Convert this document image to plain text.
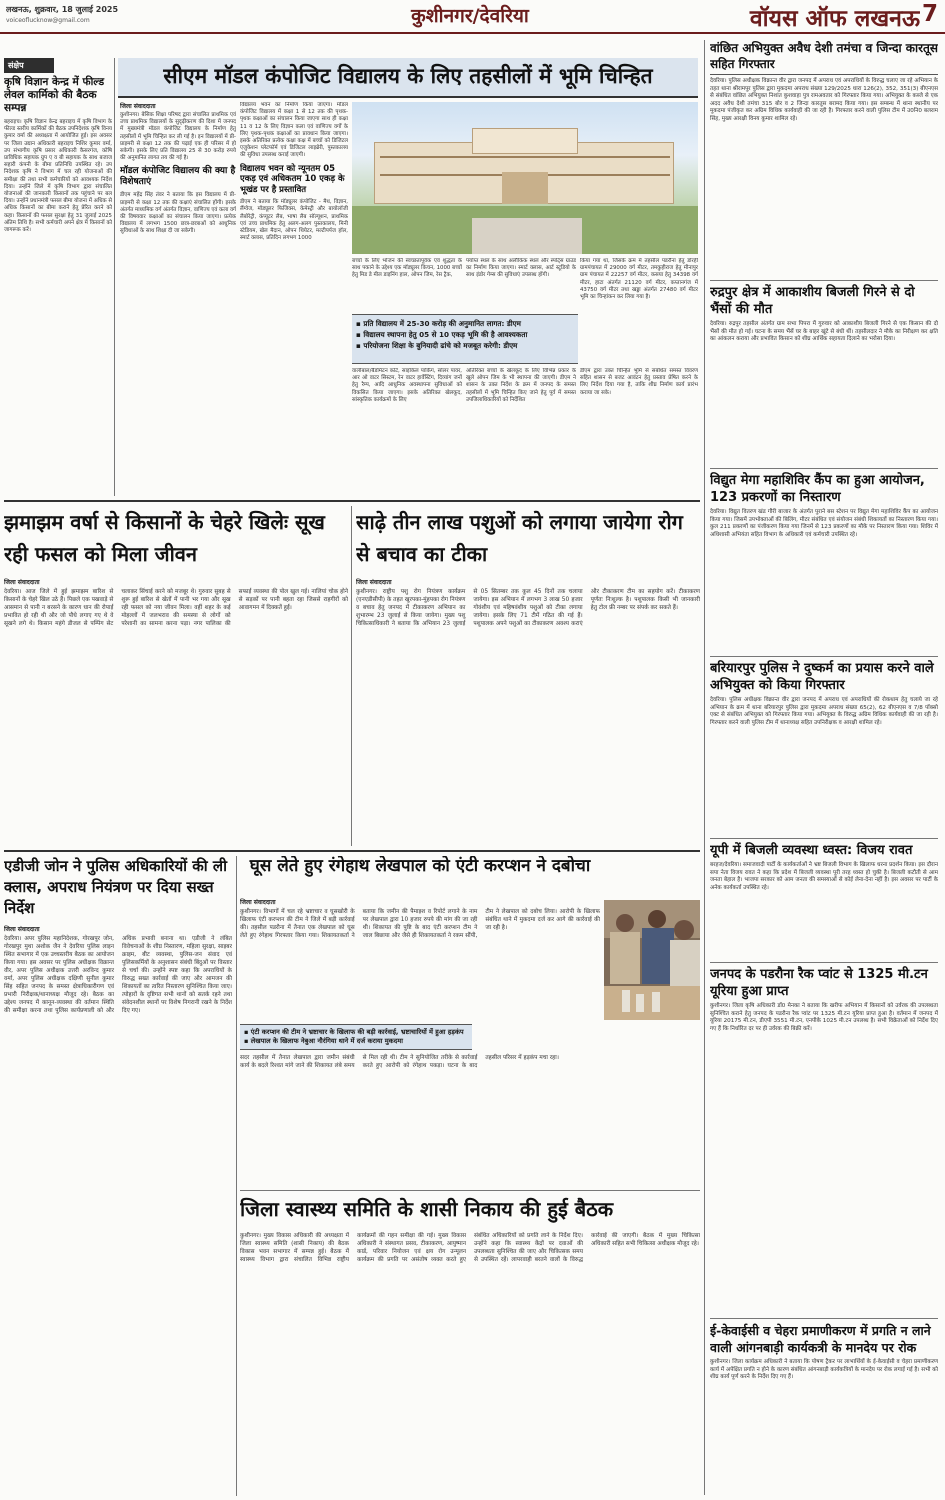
लखनऊ, शुक्रवार, 18 जुलाई 2025
voiceoflucknow@gmail.com	कुशीनगर/देवरिया	वॉयस ऑफ लखनऊ 7
संक्षेप
कृषि विज्ञान केन्द्र में फील्ड लेवल कार्मिको की बैठक सम्पन्न
बहराइच। कृषि विज्ञान केन्द्र बहराइच में कृषि विभाग के फील्ड स्तरीय कार्मिकों की बैठक उपनिदेशक कृषि विनय कुमार वर्मा की अध्यक्षता में आयोजित हुई। इस अवसर पर जिला उद्यान अधिकारी बहराइच निशिर कुमार वर्मा, उप संभागीय कृषि प्रसार अधिकारी कैसरगंज, कोषि प्राविधिक सहायक ग्रुप ए व बी सहायक के साथ बजाज सहारी कंपनी के बीमा प्रतिनिधि उपस्थित रहे। उप निदेशक कृषि ने विभाग में चल रही योजनाओं की समीक्षा की तथा सभी कर्मचारियों को आवश्यक निर्देश दिया। उन्होंने जिले में कृषि विभाग द्वारा संचालित योजनाओं की जानकारी किसानों तक पहुंचाने पर बल दिया। उन्होंने प्रधानमंत्री फसल बीमा योजना में अधिक से अधिक किसानों का बीमा कराने हेतु प्रेरित करने को कहा। किसानों की फसल सुरक्षा हेतु 31 जुलाई 2025 अंतिम तिथि है। सभी कर्मचारी अपने क्षेत्र में किसानों को जागरूक करें।
सीएम मॉडल कंपोजिट विद्यालय के लिए तहसीलों में भूमि चिन्हित
जिला संवाददाता
कुशीनगर। बेसिक शिक्षा परिषद द्वारा संचालित प्राथमिक एवं उच्च प्राथमिक विद्यालयों के सुदृढ़ीकरण की दिशा में जनपद में मुख्यमंत्री मॉडल कंपोजिट विद्यालय के निर्माण हेतु तहसीलों में भूमि चिन्हित कर ली गई है। इन विद्यालयों में प्री-प्राइमरी से कक्षा 12 तक की पढ़ाई एक ही परिसर में हो सकेगी। इसके लिए प्रति विद्यालय 25 से 30 करोड़ रुपये की अनुमानित लागत तय की गई है।
मॉडल कंपोजिट विद्यालय की क्या है विशेषताएं
डीएम महेंद्र सिंह तंवर ने बताया कि इस विद्यालय में प्री-प्राइमरी से कक्षा 12 तक की कक्षाएं संचालित होंगी। इसके अंतर्गत माध्यमिक वर्ग अंतर्गत विज्ञान, वाणिज्य एवं कला वर्ग की विषयवार कक्षाओं का संचालन किया जाएगा। प्रत्येक विद्यालय में लगभग 1500 छात्र-छात्राओं को आधुनिक सुविधाओं के साथ शिक्षा दी जा सकेगी।
विद्यालय भवन का निर्माण किया जाएगा। मॉडल कंपोजिट विद्यालय में कक्षा 1 से 12 तक की पृथक-पृथक कक्षाओं का संचालन किया जाएगा साथ ही कक्षा 11 व 12 के लिए विज्ञान कला एवं वाणिज्य वर्गों के लिए पृथक-पृथक कक्षाओं का प्रावधान किया जाएगा। इसके अतिरिक्त प्रत्येक कक्षा कक्ष में बच्चों को डिजिटल एजुकेशन प्लेटफॉर्म एवं डिजिटल लाइब्रेरी, पुस्तकालय की सुविधा उपलब्ध कराई जाएगी।
विद्यालय भवन को न्यूनतम 05 एकड़ एवं अधिकतम 10 एकड़ के भूखंड पर है प्रस्तावित
डीएम ने बताया कि मॉड्यूलर कंपोजिट - मैथ, विज्ञान, लैंग्वेज, मॉड्यूलर फिजिक्स, केमेस्ट्री और बायोलॉजी लैबोरेट्री, कंप्यूटर लैब, भाषा लैब सॉल्यूशन, प्राथमिक एवं उच्च प्राथमिक हेतु अलग-अलग पुस्तकालय, मिनी स्टेडियम, खेल मैदान, ओपन थियेटर, मल्टीपर्पज हॉल, स्मार्ट क्लास, प्रतिदिन लगभग 1000
बच्चों के लिए भोजन की स्वच्छतापूर्वक एवं शुद्धता के साथ पकाने के उद्देश्य एक मॉड्यूलर किचन, 1000 बच्चों हेतु मिड डे मील डाइनिंग हाल, ओपन जिम, रेस ट्रैक,
पर्याप्त स्थल के साथ अलौकिक स्थल और स्पोर्ट्स ग्राउंड का निर्माण किया जाएगा। स्मार्ट क्लास, आर्ट स्टूडियो के साथ इंडोर गेम्स की सुविधाएं उपलब्ध होंगी।
किया गया था, जिसके क्रम में तहसील पडरौना हेतु डोरही ग्रामपंचायत में 29000 वर्ग मीटर, तमकुहीराज हेतु मीनापुर ग्राम पंचायत में 22257 वर्ग मीटर, कसया हेतु 34398 वर्ग मीटर, हाटा अंतर्गत 21120 वर्ग मीटर, कप्तानगंज में 43750 वर्ग मीटर तथा खड्डा अंतर्गत 27480 वर्ग मीटर भूमि का चिन्हांकन कर लिया गया है।
▪ प्रति विद्यालय में 25-30 करोड़ की अनुमानित लागत: डीएम
▪ विद्यालय स्थापना हेतु 05 से 10 एकड़ भूमि की है आवश्यकता
▪ परियोजना शिक्षा के बुनियादी ढांचे को मजबूत करेगी: डीएम
वालीबाल/बैडमिंटन कोर्ट, साइकिल पार्किंग, सोलर पावर, आर ओ वाटर सिस्टम, रेन वाटर हार्वेस्टिंग, दिव्यांग जनों हेतु रैम्प, आदि आधुनिक अवस्थापना सुविधाओं को विकसित किया जाएगा। इसके अतिरिक्त खेलकूद, सांस्कृतिक कार्यक्रमों के लिए
अतिरिक्त बच्चों के खेलकूद के लिए विभिन्न प्रकार के खुले ओपन जिम के भी स्थापना की जाएगी। डीएम ने शासन के उक्त निर्देश के क्रम में जनपद के समस्त तहसीलों में भूमि चिन्हित किए जाने हेतु पूर्व में समस्त उपजिलाधिकारियों को निर्देशित
डीएम द्वारा उक्त चिन्हित भूमि से संबंधित समस्त विवरण सहित शासन से बजट आवंटन हेतु प्रस्ताव प्रेषित करने के लिए निर्देश दिया गया है, ताकि शीघ्र निर्माण कार्य प्रारंभ कराया जा सके।
वांछित अभियुक्त अवैध देशी तमंचा व जिन्दा कारतूस सहित गिरफ्तार
देवरिया। पुलिस अधीक्षक विक्रान्त वीर द्वारा जनपद में अपराध एवं अपराधियों के विरुद्ध चलाए जा रहे अभियान के तहत थाना श्रीरामपुर पुलिस द्वारा मुकदमा अपराध संख्या 129/2025 धारा 126(2), 352, 351(3) बीएनएस से संबंधित वांछित अभियुक्त निशांत कुशवाहा पुत्र रामअवतार को गिरफ्तार किया गया। अभियुक्त के कब्जे से एक अदद अवैध देशी तमंचा 315 बोर व 2 जिन्दा कारतूस बरामद किया गया। इस सम्बन्ध में थाना स्थानीय पर मुकदमा पंजीकृत कर अग्रिम विधिक कार्यवाही की जा रही है। गिरफ्तार करने वाली पुलिस टीम में उ0नि0 बलराम सिंह, मुख्य आरक्षी विनय कुमार शामिल रहे।
रुद्रपुर क्षेत्र में आकाशीय बिजली गिरने से दो भैंसों की मौत
देवरिया। रुद्रपुर तहसील अंतर्गत ग्राम सभा पिपरा में गुरुवार को आकाशीय बिजली गिरने से एक किसान की दो भैंसों की मौत हो गई। घटना के समय भैंसें घर के बाहर खूंटे से बंधी थीं। तहसीलदार ने मौके का निरीक्षण कर क्षति का आंकलन कराया और प्रभावित किसान को शीघ्र आर्थिक सहायता दिलाने का भरोसा दिया।
विद्युत मेगा महाशिविर कैंप का हुआ आयोजन, 123 प्रकरणों का निस्तारण
देवरिया। विद्युत वितरण खंड गौरी बाजार के अंतर्गत पुराने बस स्टेशन पर विद्युत मेगा महाशिविर कैंप का आयोजन किया गया। जिसमें उपभोक्ताओं की बिलिंग, मीटर संबंधित एवं संयोजन संबंधी शिकायतों का निस्तारण किया गया। कुल 211 प्रकरणों का पंजीकरण किया गया जिनमें से 123 प्रकरणों का मौके पर निस्तारण किया गया। शिविर में अधिशासी अभियंता सहित विभाग के अधिकारी एवं कर्मचारी उपस्थित रहे।
बरियारपुर पुलिस ने दुष्कर्म का प्रयास करने वाले अभियुक्त को किया गिरफ्तार
देवरिया। पुलिस अधीक्षक विक्रान्त वीर द्वारा जनपद में अपराध एवं अपराधियों की रोकथाम हेतु चलाये जा रहे अभियान के क्रम में थाना बरियारपुर पुलिस द्वारा मुकदमा अपराध संख्या 65(2), 62 बीएनएस व 7/8 पॉक्सो एक्ट से संबंधित अभियुक्त को गिरफ्तार किया गया। अभियुक्त के विरुद्ध अग्रिम विधिक कार्यवाही की जा रही है। गिरफ्तार करने वाली पुलिस टीम में थानाध्यक्ष सहित उपनिरीक्षक व आरक्षी शामिल रहे।
यूपी में बिजली व्यवस्था ध्वस्त: विजय रावत
बरहज/देवरिया। समाजवादी पार्टी के कार्यकर्ताओं ने भ्रष्ट बिजली विभाग के खिलाफ धरना प्रदर्शन किया। इस दौरान सपा नेता विजय रावत ने कहा कि प्रदेश में बिजली व्यवस्था पूरी तरह ध्वस्त हो चुकी है। बिजली कटौती से आम जनता बेहाल है। भाजपा सरकार को आम जनता की समस्याओं से कोई लेना-देना नहीं है। इस अवसर पर पार्टी के अनेक कार्यकर्ता उपस्थित रहे।
जनपद के पडरौना रैक प्वांट से 1325 मी.टन यूरिया हुआ प्राप्त
कुशीनगर। जिला कृषि अधिकारी डॉ0 मेनका ने बताया कि खरीफ अभियान में किसानों को उर्वरक की उपलब्धता सुनिश्चित कराने हेतु जनपद के पडरौना रैक प्वांट पर 1325 मी.टन यूरिया प्राप्त हुआ है। वर्तमान में जनपद में यूरिया 20175 मी.टन, डीएपी 3551 मी.टन, एनपीके 1025 मी.टन उपलब्ध है। सभी विक्रेताओं को निर्देश दिए गए हैं कि निर्धारित दर पर ही उर्वरक की बिक्री करें।
ई-केवाईसी व चेहरा प्रमाणीकरण में प्रगति न लाने वाली आंगनबाड़ी कार्यकत्री के मानदेय पर रोक
कुशीनगर। जिला कार्यक्रम अधिकारी ने बताया कि पोषण ट्रैकर पर लाभार्थियों के ई-केवाईसी व चेहरा प्रमाणीकरण कार्य में अपेक्षित प्रगति न होने के कारण संबंधित आंगनबाड़ी कार्यकत्रियों के मानदेय पर रोक लगाई गई है। सभी को शीघ्र कार्य पूर्ण करने के निर्देश दिए गए हैं।
झमाझम वर्षा से किसानों के चेहरे खिलेः सूख रही फसल को मिला जीवन
जिला संवाददाता
देवरिया। आज जिले में हुई झमाझम बारिश से किसानों के चेहरे खिल उठे हैं। पिछले एक पखवाड़े से आसमान से पानी न बरसने के कारण धान की रोपाई प्रभावित हो रही थी और जो पौधे लगाए गए थे वे सूखने लगे थे। किसान महंगे डीजल से पम्पिंग सेट चलाकर सिंचाई करने को मजबूर थे। गुरुवार सुबह से शुरू हुई बारिश से खेतों में पानी भर गया और सूख रही फसल को नया जीवन मिला। वहीं शहर के कई मोहल्लों में जलभराव की समस्या से लोगों को परेशानी का सामना करना पड़ा। नगर पालिका की सफाई व्यवस्था की पोल खुल गई। नालियां चोक होने से सड़कों पर पानी बहता रहा जिससे राहगीरों को आवागमन में दिक्कतें हुईं।
साढ़े तीन लाख पशुओं को लगाया जायेगा रोग से बचाव का टीका
जिला संवाददाता
कुशीनगर। राष्ट्रीय पशु रोग नियंत्रण कार्यक्रम (एनएडीसीपी) के तहत खुरपका-मुंहपका रोग नियंत्रण व बचाव हेतु जनपद में टीकाकरण अभियान का शुभारम्भ 23 जुलाई से किया जायेगा। मुख्य पशु चिकित्साधिकारी ने बताया कि अभियान 23 जुलाई से 05 सितम्बर तक कुल 45 दिनों तक चलाया जायेगा। इस अभियान में लगभग 3 लाख 50 हजार गोवंशीय एवं महिषवंशीय पशुओं को टीका लगाया जायेगा। इसके लिए 71 टीमें गठित की गई हैं। पशुपालक अपने पशुओं का टीकाकरण अवश्य कराएं और टीकाकरण टीम का सहयोग करें। टीकाकरण पूर्णतः निःशुल्क है। पशुपालक किसी भी जानकारी हेतु टोल फ्री नम्बर पर संपर्क कर सकते हैं।
एडीजी जोन ने पुलिस अधिकारियों की ली क्लास, अपराध नियंत्रण पर दिया सख्त निर्देश
जिला संवाददाता
देवरिया। अपर पुलिस महानिदेशक, गोरखपुर जोन, गोरखपुर मुथा अशोक जैन ने देवरिया पुलिस लाइन स्थित सभागार में एक उच्चस्तरीय बैठक का आयोजन किया गया। इस अवसर पर पुलिस अधीक्षक विक्रान्त वीर, अपर पुलिस अधीक्षक उत्तरी अरविन्द कुमार वर्मा, अपर पुलिस अधीक्षक दक्षिणी सुनील कुमार सिंह सहित जनपद के समस्त क्षेत्राधिकारीगण एवं प्रभारी निरीक्षक/थानाध्यक्ष मौजूद रहे। बैठक का उद्देश्य जनपद में कानून-व्यवस्था की वर्तमान स्थिति की समीक्षा करना तथा पुलिस कार्यप्रणाली को और अधिक प्रभावी बनाना था। एडीजी ने लंबित विवेचनाओं के शीघ्र निस्तारण, महिला सुरक्षा, साइबर क्राइम, बीट व्यवस्था, पुलिस-जन संवाद एवं पुलिसकर्मियों के अनुशासन संबंधी बिंदुओं पर विस्तार से चर्चा की। उन्होंने स्पष्ट कहा कि अपराधियों के विरुद्ध सख्त कार्रवाई की जाए और आमजन की शिकायतों का त्वरित निस्तारण सुनिश्चित किया जाए। त्योहारों के दृष्टिगत सभी थानों को सतर्क रहने तथा संवेदनशील स्थानों पर विशेष निगरानी रखने के निर्देश दिए गए।
घूस लेते हुए रंगेहाथ लेखपाल को एंटी करप्शन ने दबोचा
जिला संवाददाता
कुशीनगर। विभागों में चल रहे भ्रष्टाचार व घूसखोरी के खिलाफ एंटी करप्शन की टीम ने जिले में बड़ी कार्रवाई की। तहसील पडरौना में तैनात एक लेखपाल को घूस लेते हुए रंगेहाथ गिरफ्तार किया गया। शिकायतकर्ता ने बताया कि जमीन की पैमाइश व रिपोर्ट लगाने के नाम पर लेखपाल द्वारा 10 हजार रुपये की मांग की जा रही थी। शिकायत की पुष्टि के बाद एंटी करप्शन टीम ने जाल बिछाया और जैसे ही शिकायतकर्ता ने रकम सौंपी, टीम ने लेखपाल को दबोच लिया। आरोपी के खिलाफ संबंधित थाने में मुकदमा दर्ज कर आगे की कार्रवाई की जा रही है।
▪ एंटी करप्शन की टीम ने भ्रष्टाचार के खिलाफ की बड़ी कार्रवाई, भ्रष्टाचारियों में हुआ हड़कंप
▪ लेखपाल के खिलाफ नेबुआ नौरंगिया थाने में दर्ज कराया मुकदमा
सदर तहसील में तैनात लेखपाल द्वारा जमीन संबंधी कार्य के बदले रिश्वत मांगे जाने की शिकायत लंबे समय से मिल रही थी। टीम ने सुनियोजित तरीके से कार्रवाई करते हुए आरोपी को रंगेहाथ पकड़ा। घटना के बाद तहसील परिसर में हड़कंप मचा रहा।
जिला स्वास्थ्य समिति के शासी निकाय की हुई बैठक
कुशीनगर। मुख्य विकास अधिकारी की अध्यक्षता में जिला स्वास्थ्य समिति (शासी निकाय) की बैठक विकास भवन सभागार में सम्पन्न हुई। बैठक में स्वास्थ्य विभाग द्वारा संचालित विभिन्न राष्ट्रीय कार्यक्रमों की गहन समीक्षा की गई। मुख्य विकास अधिकारी ने संस्थागत प्रसव, टीकाकरण, आयुष्मान कार्ड, परिवार नियोजन एवं क्षय रोग उन्मूलन कार्यक्रम की प्रगति पर असंतोष व्यक्त करते हुए संबंधित अधिकारियों को प्रगति लाने के निर्देश दिए। उन्होंने कहा कि स्वास्थ्य केंद्रों पर दवाओं की उपलब्धता सुनिश्चित की जाए और चिकित्सक समय से उपस्थित रहें। लापरवाही बरतने वालों के विरुद्ध कार्रवाई की जाएगी। बैठक में मुख्य चिकित्सा अधिकारी सहित सभी चिकित्सा अधीक्षक मौजूद रहे।
